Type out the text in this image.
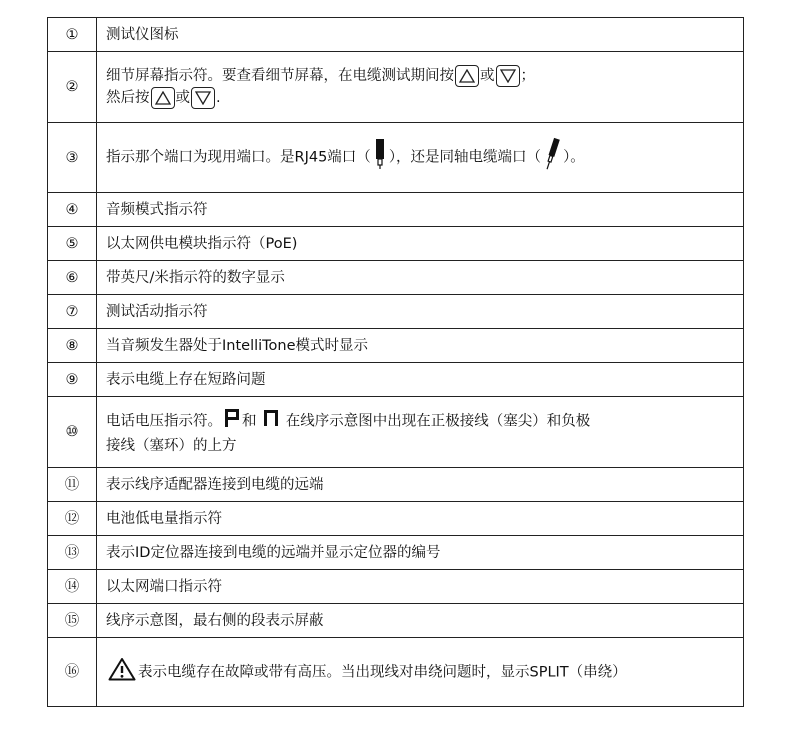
①	测试仪图标
②	细节屏幕指示符。要查看细节屏幕，在电缆测试期间按 或 ；
然后按 或 .
③	指示那个端口为现用端口。是RJ45端口（ ），还是同轴电缆端口（ ）。
④	音频模式指示符
⑤	以太网供电模块指示符（PoE)
⑥	带英尺/米指示符的数字显示
⑦	测试活动指示符
⑧	当音频发生器处于IntelliTone模式时显示
⑨	表示电缆上存在短路问题
⑩	电话电压指示符。 和 在线序示意图中出现在正极接线（塞尖）和负极
接线（塞环）的上方
⑪	表示线序适配器连接到电缆的远端
⑫	电池低电量指示符
⑬	表示ID定位器连接到电缆的远端并显示定位器的编号
⑭	以太网端口指示符
⑮	线序示意图，最右侧的段表示屏蔽
⑯	表示电缆存在故障或带有高压。当出现线对串绕问题时，显示SPLIT（串绕）
